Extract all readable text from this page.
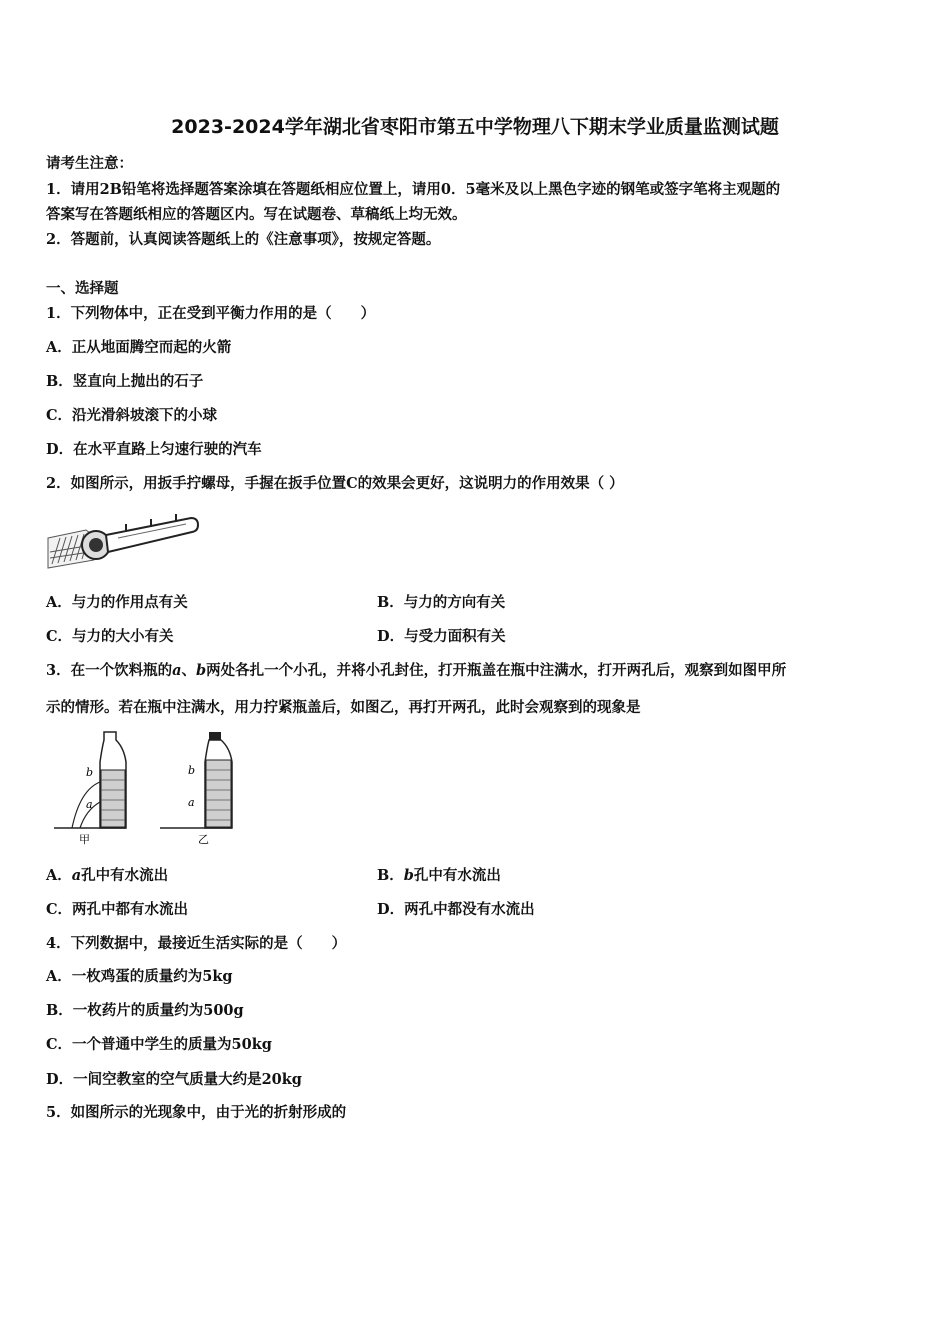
2023-2024学年湖北省枣阳市第五中学物理八下期末学业质量监测试题
请考生注意：
1．请用2B铅笔将选择题答案涂填在答题纸相应位置上，请用0．5毫米及以上黑色字迹的钢笔或签字笔将主观题的
答案写在答题纸相应的答题区内。写在试题卷、草稿纸上均无效。
2．答题前，认真阅读答题纸上的《注意事项》，按规定答题。
一、选择题
1．下列物体中，正在受到平衡力作用的是（　　）
A．正从地面腾空而起的火箭
B．竖直向上抛出的石子
C．沿光滑斜坡滚下的小球
D．在水平直路上匀速行驶的汽车
2．如图所示，用扳手拧螺母，手握在扳手位置C的效果会更好，这说明力的作用效果（ ）
A．与力的作用点有关	B．与力的方向有关
C．与力的大小有关	D．与受力面积有关
3．在一个饮料瓶的a、b两处各扎一个小孔，并将小孔封住，打开瓶盖在瓶中注满水，打开两孔后，观察到如图甲所
示的情形。若在瓶中注满水，用力拧紧瓶盖后，如图乙，再打开两孔，此时会观察到的现象是
b
a
甲
b
a
乙
A．a孔中有水流出	B．b孔中有水流出
C．两孔中都有水流出	D．两孔中都没有水流出
4．下列数据中，最接近生活实际的是（　　）
A．一枚鸡蛋的质量约为5kg
B．一枚药片的质量约为500g
C．一个普通中学生的质量为50kg
D．一间空教室的空气质量大约是20kg
5．如图所示的光现象中，由于光的折射形成的
